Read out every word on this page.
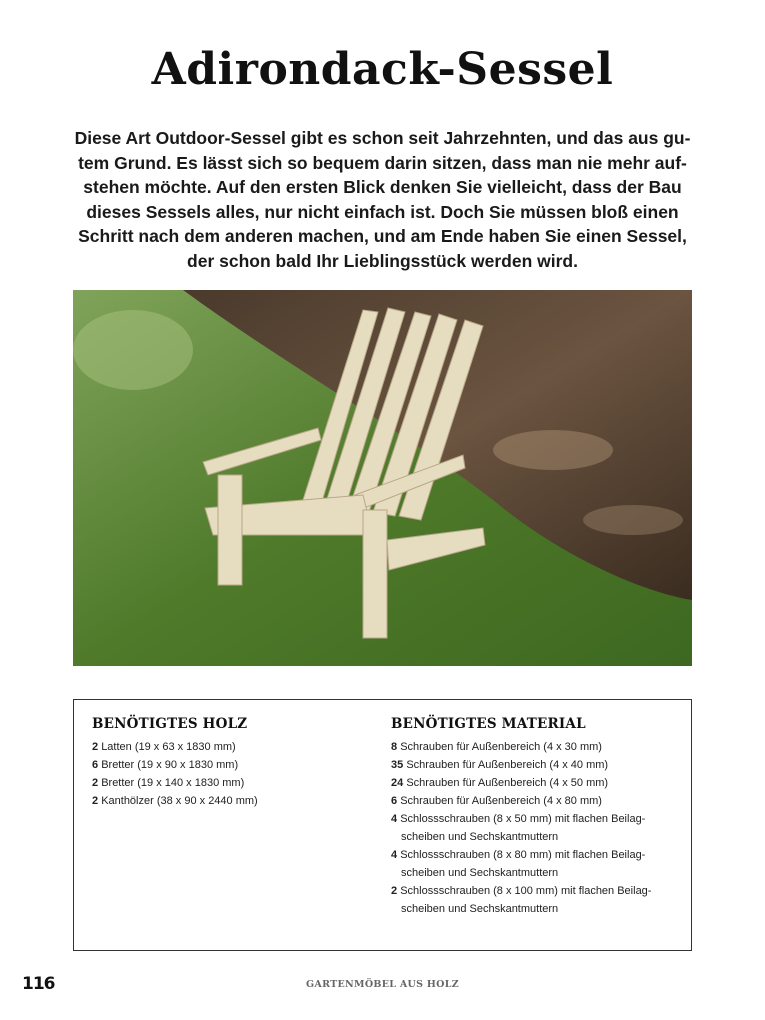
Adirondack-Sessel
Diese Art Outdoor-Sessel gibt es schon seit Jahrzehnten, und das aus gu-
tem Grund. Es lässt sich so bequem darin sitzen, dass man nie mehr auf-
stehen möchte. Auf den ersten Blick denken Sie vielleicht, dass der Bau
dieses Sessels alles, nur nicht einfach ist. Doch Sie müssen bloß einen
Schritt nach dem anderen machen, und am Ende haben Sie einen Sessel,
der schon bald Ihr Lieblingsstück werden wird.
BENÖTIGTES HOLZ
2 Latten (19 x 63 x 1830 mm)
6 Bretter (19 x 90 x 1830 mm)
2 Bretter (19 x 140 x 1830 mm)
2 Kanthölzer (38 x 90 x 2440 mm)
BENÖTIGTES MATERIAL
8 Schrauben für Außenbereich (4 x 30 mm)
35 Schrauben für Außenbereich (4 x 40 mm)
24 Schrauben für Außenbereich (4 x 50 mm)
6 Schrauben für Außenbereich (4 x 80 mm)
4 Schlossschrauben (8 x 50 mm) mit flachen Beilag-scheiben und Sechskantmuttern
4 Schlossschrauben (8 x 80 mm) mit flachen Beilag-scheiben und Sechskantmuttern
2 Schlossschrauben (8 x 100 mm) mit flachen Beilag-scheiben und Sechskantmuttern
116	GARTENMÖBEL AUS HOLZ
